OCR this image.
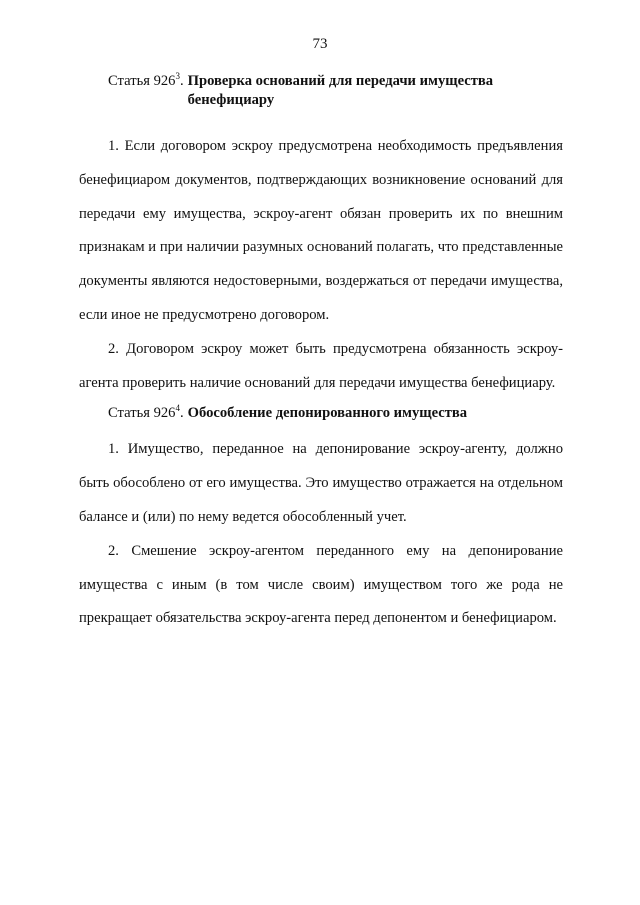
73
Статья $926^3$. Проверка оснований для передачи имущества бенефициару

1. Если договором эскроу предусмотрена необходимость предъявления бенефициаром документов, подтверждающих возникновение оснований для передачи ему имущества, эскроу-агент обязан проверить их по внешним признакам и при наличии разумных оснований полагать, что представленные документы являются недостоверными, воздержаться от передачи имущества, если иное не предусмотрено договором.

2. Договором эскроу может быть предусмотрена обязанность эскроу-агента проверить наличие оснований для передачи имущества бенефициару.

Статья $926^4$. Обособление депонированного имущества

1. Имущество, переданное на депонирование эскроу-агенту, должно быть обособлено от его имущества. Это имущество отражается на отдельном балансе и (или) по нему ведется обособленный учет.

2. Смешение эскроу-агентом переданного ему на депонирование имущества с иным (в том числе своим) имуществом того же рода не прекращает обязательства эскроу-агента перед депонентом и бенефициаром.
